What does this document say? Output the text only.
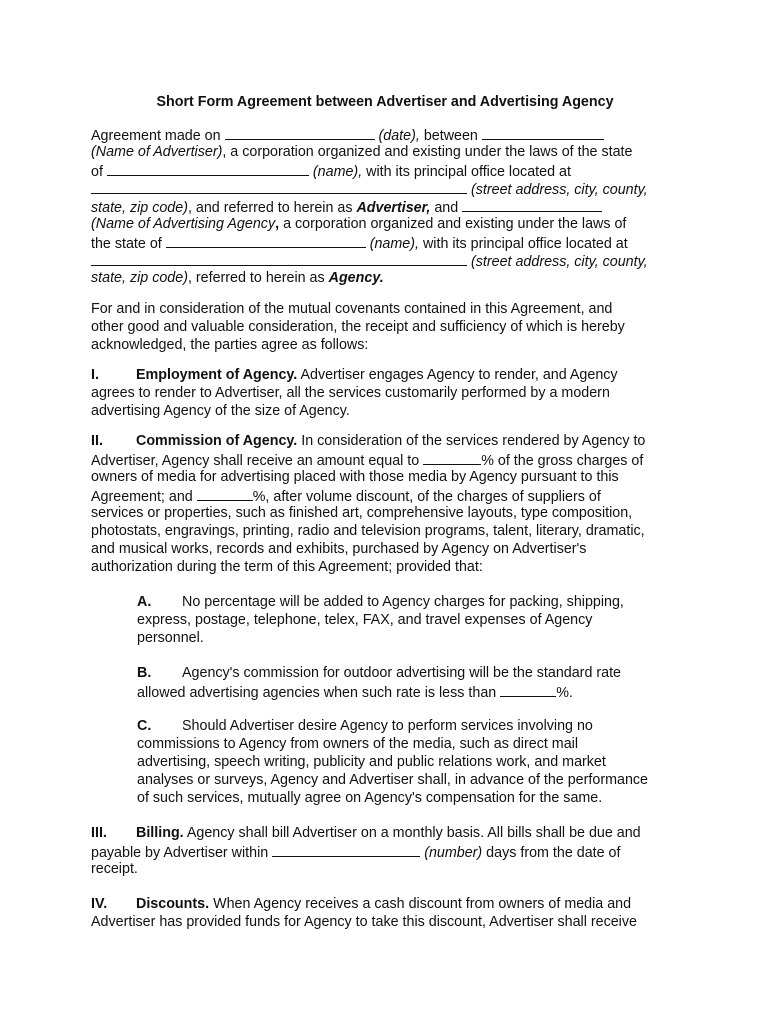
Short Form Agreement between Advertiser and Advertising Agency
Agreement made on	(date), between
(Name of Advertiser), a corporation organized and existing under the laws of the state
of	(name), with its principal office located at
(street address, city, county,
state, zip code), and referred to herein as Advertiser, and
(Name of Advertising Agency, a corporation organized and existing under the laws of
the state of	(name), with its principal office located at
(street address, city, county,
state, zip code), referred to herein as Agency.
For and in consideration of the mutual covenants contained in this Agreement, and
other good and valuable consideration, the receipt and sufficiency of which is hereby
acknowledged, the parties agree as follows:
I.	Employment of Agency. Advertiser engages Agency to render, and Agency
agrees to render to Advertiser, all the services customarily performed by a modern
advertising Agency of the size of Agency.
II. Commission of Agency. In consideration of the services rendered by Agency to
Advertiser, Agency shall receive an amount equal to	% of the gross charges of
owners of media for advertising placed with those media by Agency pursuant to this
Agreement; and	%, after volume discount, of the charges of suppliers of
services or properties, such as finished art, comprehensive layouts, type composition,
photostats, engravings, printing, radio and television programs, talent, literary, dramatic,
and musical works, records and exhibits, purchased by Agency on Advertiser's
authorization during the term of this Agreement; provided that:
A. No percentage will be added to Agency charges for packing, shipping,
express, postage, telephone, telex, FAX, and travel expenses of Agency
personnel.
B. Agency's commission for outdoor advertising will be the standard rate
allowed advertising agencies when such rate is less than	%.
C. Should Advertiser desire Agency to perform services involving no
commissions to Agency from owners of the media, such as direct mail
advertising, speech writing, publicity and public relations work, and market
analyses or surveys, Agency and Advertiser shall, in advance of the performance
of such services, mutually agree on Agency's compensation for the same.
III. Billing. Agency shall bill Advertiser on a monthly basis. All bills shall be due and
payable by Advertiser within	(number) days from the date of
receipt.
IV. Discounts. When Agency receives a cash discount from owners of media and
Advertiser has provided funds for Agency to take this discount, Advertiser shall receive
